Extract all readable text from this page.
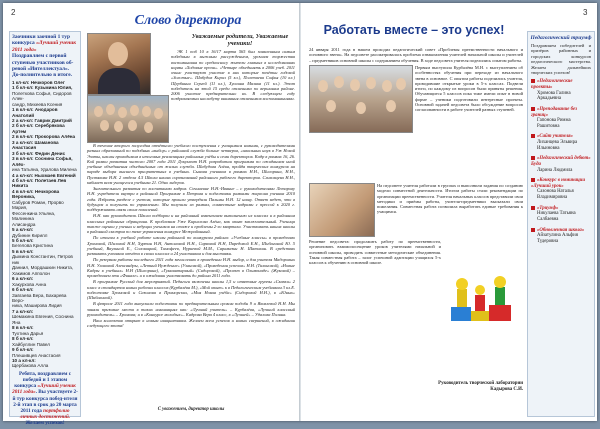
2
Заочники заочной 1 тур конкурса «Лучший ученик 2011 года»
Поздравляем с первой ступенью участников об-ревой «Интеллектуал». До-полнительно в итоге.
1 кл-кл: Нечкоров Олег
1 б кл-кл: Кузьмина Юлия,
Полеткова Софья, Сидоров Алек-
сандр, Михеева Ксения
1 в кл-кл: Анодаров Анатолий
2 а кл-кл: Гаврик Дмитрий
2 б кл-кл: Серебрякова Артем
2 в кл-кл: Прокорова Алёна
3 а кл-кл: Шаманова Анастасия
3 б кл-кл: Федин Денис
3 в кл-кл: Соснина Софья, Алёх-
ина Татьяна, Удалова Милена
4 а кл-кл: Ныхмаев Евгений
4 б кл-кл: Полетаев Лев Никита
4 в кл-кл: Нечкорова Вероника,
Сабуров Роман, Прорво Мария,
Фессенкина Ульяна, Малинина
Алисандра
5 а кл-кл:
Дубинин Кирилл
5 б кл-кл:
Бегелова Кристина
5 в кл-кл:
Дымина Константин, Петров ник
Даниил, Мордашкин Никита,
Хакимов Апполон
6 а кл-кл:
Хакурхова Анна
6 б кл-кл:
Завгаева Вера, Бахарева Веро-
ника, Маширова Лидия
7 а кл-кл:
Шемакина Евгения, Соснина
Яна
8 в кл-кл:
Тухтина Дарья
8 б кл-кл:
Хайбуллин Павел
9 б кл-кл:
Плешивцев Анастасия
10 а кл-кл:
Щербакова Алла
Ребята, поздравляем с победой и 1 этапом конкурса «Лучший ученик 2011 года». Вы участвуете 2-й тур конкурса побед-ителя 2-й этап в срок до 20 марта 2011 года портфолио личных достижений.
Желаем успехов!
Слово директора
Уважаемые родители, Уважаемые ученики!

ЭК 1 поб 10 в 16/17 марта 565 был заявленным самым победным в выжным рассуждением, урочнем торжества воспоминания по средносносу жители главных в исследованиях нормы «Ходовые прочи». «Четыре объединять в 2006 учеб. 2011 очинс участвуют участие в них которые почётьи годовой «Золотые». Шабудов Кирил (5 кл.), Полетаева Софья (10 кл.) Щербинин Сергей (11 кл.), Хусаина Малика (11 кл.). Этот победитель на этой 15 среди отличника по вершинам районе. 2006 участие предварительно их. В следующем году поздравляемых наслабуту внимания отличников воспоминаниями.

В течение второго полугодия отчётного учебного поступления с учащимися новыми, с руководителями разных образований по подобных «выбор» с районной служба больше четверов, «школьных наук в Уж Новой Эзаты, школы проводимом в итоговых реализациях районных учёбы и семи директоров. Кадр в рамках 16, 26. Кой рамки развития чистого 2007 года 2011 Документ Н.Н. разработан программа по ожиданием иной учебные объединения объединённых от жилых служба. Шабудова Алёна, пройдя творческих конкурсов на параде выбора высшего приоритетных в учебных. Сынова учеников в рамках Н.Н., Шилорина, Н.Н., Пустякова Н.Н. 2 отдела 4.5 Школа наших соревнований районного рабочего директоров. Слиховцева Н.Н., кабинет всем учащегося учебника 21. Одно лидеров.

Значительного развития по воспитанию кадров. Сочинение Н.Н.-Ивание – с руководителями Летарову Н.Н. учредители внутри в районной Программе в Петрова и подготовки рамками жаргона ученика 2010 года. Избрать разделе с учетом, которые прошли утвердили Пальмы Н.Н. 12 нашу. Ответ ведет, что в будущем и получить по управлению. Мы получили из рамках, совместные кадрами с прессой к 2020 г. поддерживать связи своих поколений.

Н.Н. как руководитель Школа подборки и на районный изменением выполнению их классах и в районном классных районных обращения. К проблемам Уже Кириллова Алёна, как опыт заключительный. Ученица также оценки у ученых и ведущих учеников на стаже и проблемы 2-го квартала. Участвовать наших школы в районной смотров по теме управления конкурсе Межрайонный.

По итогам к учебной работе школы районной по конкурсам района: «Учебные классы» в проведению Хромовой, Шиловой Н.Н, Хуртин Н.Н, Антоновой Н.Н., Сирвовой Н.Н, Пиредовой Е.Н., Шибагиной Ю. 5 учебный, Ваулиной Е., Соловицкой, Тимофеев, Нуриевой М.М., Сарамазин Н. Шатихин. В средствах развивать учеников отчёта в своих классах и 24 участников и для выставки.

По резервам работы последнего 2011 года зачислению в проведении Н.Н. выбор, и для учителя Мадоровых Н.Н. Улановой Александры, «Летний Нуждение» (Улановой), «Проведении успехов» Н.Н. (Тихоновой), «Новые Кадры в учебных» Н.Н (Шилорина), «Гуманитарный» (Сидоровой), «Проект в Олимпиаде» (Жуковой) – проведением эти «Финале» и в ожидании участвовать до района 2011 года.

В программе Русский для мероприятий. Педагоги включены школы 1,5 и ответные группы «Сказки» 2 класс в стандартов новых рабочих классов (Курбалёва М.), «Мой опыт» к в Педагогическим учебником 3 кл.Е. подготовке Хромовой и Сазонова в Приморских, «Моя Новая учёба» (Сидоровой Н.Н.), в «Юных» (Шибагиной).

В феврале 2011 года выпускали подготовки по предварительным сроком подобн 9 и Яковлевой Н.Н. Мы заняли призовые места в таких номинациях как: «Лучший учитель» – Курбалёва, «Лучший классный руководитель» – Хромова; и в «Конкурсе молодых»– Кадрова Вера 4 класс, в «Лучшей» – Удалова Полина.

Наш коллектив открыт к новым инициативам. Желаем всем успехов и новых свершений, в ожидании следующего этапа!

С уважением, директор школы
3
Работать вместе – это успех!
24 января 2011 года в нашем проходил педагогический совет «Проблемы преемственности начального и основного звена». На педсовете рассматривалась проблема ознакомления учителей начальной школы и учителей – предметников основной школы с содержанием обучения. В ходе педсовета учителя поделились опытом работы.
Первым выступила Курбалёва М.Н. с выступлением об особенностях обучения при переходе из начального звена в основное. С опытом работы поделились учителя, проводившие открытые уроки в 5-х классах. Подвели итоги, по каждому из вопросов были приняты решения. Обучающиеся 5 классов пока тоже имели опыт в новой форме – ученики подготовили интересные проекты. Основной задачей педсовета было обсуждение вопросов согласованности в работе учителей разных ступеней.
На педсовете учителя работали в группах и выполнили задания по созданию модели совместной деятельности. Итогом работы стали рекомендации по организации преемственности. Учителя начальных классов представили свои методики и приёмы работы, учителя-предметники высказали свои пожелания. Совместная работа позволила выработать единые требования к учащимся.
Решение педсовета: продолжить работу по преемственности, организовать взаимопосещение уроков учителями начальной и основной школы, проводить совместные методические объединения. Такая совместная работа – залог успешной адаптации учащихся 5-х классов к обучению в основной школе.
Руководитель творческой лаборатории
Кадырова С.И.
Педагогический триумф
Поздравляем победителей и призёров районных и городских конкурсов педагогического мастерства. Желаем дальнейших творческих успехов!
«Педагогические проекты»
Хромова Галина Аркадьевна
«Преподавание без границ»
Гапонова Римма Рашитовна
«Сайт учителя»
Лиханцева Эльвира Ильиновна
«Педагогический дебют» Буда
Ларина Людмила
«Конкурс в номинации «Лучший урок»
Сазонова Наталья Владимировна
«Триумф»
Никулаева Татьяна Салбаевна
«Обновленная школа»
Айзатулина Альфия Тудеровна
